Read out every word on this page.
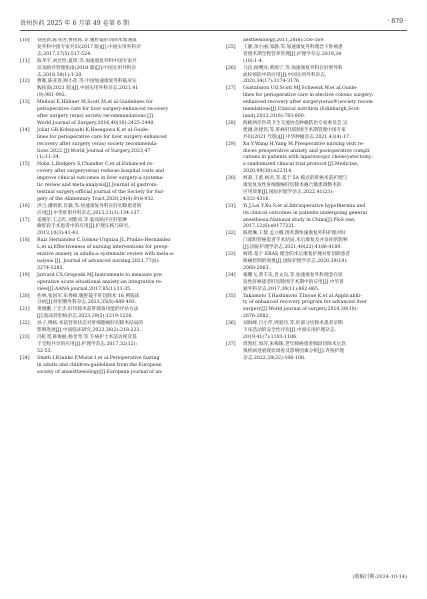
贵州医药 2025 年 6 月第 49 卷第 6 期	· 879 ·
[10] 刘连新,陈亚进,曹铭辉,等.腹腔镜肝切除术加速康
复外科中国专家共识(2017 版)[J].中国实用外科杂
志,2017,37(5):517-524.
[11] 陈孝平,刘允怡,夏锋,等.加速康复外科中国专家共
识及路径管理指南(2018 版)[J].中国实用外科杂
志,2018,38(1):1-20.
[12] 曹晖,陈亚进,顾小萍,等.中国加速康复外科临床实
践指南(2021 版)[J].中国实用外科杂志,2021,41
(9):961-992.
[13] Melloul E,Hübner M,Scott M,et al.Guidelines for
perioperative care for liver surgery:enhanced recovery
after surgery (eras) society recommendations [J].
World Journal of Surgery,2016,40(10):2425-2440.
[14] Joliat GR,Kobayashi K,Hasegawa K,et al.Guide-
lines for perioperative care for liver surgery:enhanced
recovery after surgery (eras) society recommenda-
tions 2022 [J].World Journal of Surgery,2023,47
(1):11-34.
[15] Noba L,Rodgers S,Chandler C,et al.Enhanced re-
covery after surgery(eras) reduces hospital costs and
improve clinical outcomes in liver surgery:a systema-
tic review and meta-analysis[J].Journal of gastroin-
testinal surgery:official journal of the Society for Sur-
gery of the Alimentary Tract,2020,24(4):918-932.
[16] 洪合,潘明新,肖毅,等.快速康复外科在肝切除患者的
应用[J].中华肝胆外科杂志,2015,21(3):134-137.
[17] 姜晓军,王志红,刘胜涛,等.临床路径在肝胆肿
瘤肝段手术患者中的应用[J].护理实践与研究,
2013,10(3):41-43.
[18] Ruiz Hernández C,Gómez-Urquiza JL,Pradas-Hernández
L,et al.Effectiveness of nursing interventions for preop-
erative anxiety in adults:a systematic review with meta-a-
nalysis [J]. Journal of advanced nursing,2021,77(8):
3274-3285.
[19] Jarvard CS,Gregoski MJ.Instruments to measure pre-
operative acute situational anxiety:an integrative re-
view[J].AANA journal,2017,85(1):31-35.
[20] 佐林,张国军,乐秀峰.腹腔镜手肝切除术 16 例临床
分析[J].肝胆胰外科杂志,2023,35(8):489-493.
[21] 黄俊鹏,丁宏杰.肝切除术前肝储备功能的评估方法
[J].临床肝胆病杂志,2023,39(5):1219-1226.
[22] 孙子,傅杨.术前营养状态对肝细胞癌肝切除术结局的
影响进展[J].中国临床研究,2023,36(2):218-222.
[23] 冯虹茂,韩俊丽,杨金琴,等.专病护士术前访视及基
于全程共享的应用[J].护理学杂志,2017,32(12):
52-53.
[24] Smith I,Kranke P,Murat I,et al.Perioperative fasting
in adults and children:guidelines from the European
society of anaesthesiology[J].European journal of an-
aesthesiology,2011,28(8):556-569.
[25] 王静,余小丽,邹静,等.加速康复外科理念下肝癌患
者围术期全程营养管理[J].护理学杂志,2019,34
(10):1-4.
[26] 马洁,杨缨泽,黄海宁,等.加速康复外科在肝胆外科
血栓预防中的应用[J].中国实用外科杂志,
2020,34(17):3174-3176.
[27] Gustafsson UO,Scott MJ,Schwenk W,et al.Guide-
lines for perioperative care in elective colonic surgery:
enhanced recovery after surgery(eras®)society recom-
mendations[J].Clinical nutrition (Edinburgh,Scot-
land),2012,31(6):783-800.
[28] 海峡两岸医药卫生交流协会肿瘤防治专家委员会,吴
建雄,孙建伟,等.肝癌肝切除围手术期管理中国专家
共识(2021 年版)[J].中华肿瘤杂志,2021,43(4):17.
[29] Xu Y,Wang H,Yang M.Preoperative nursing visit re-
duces preoperative anxiety and postoperative compli-
cations in patients with laparoscopic cholecystectomy:
a randomized clinical trial protocol [J].Medicine,
2020,99(38):e22314.
[30] 柯莉,王蕾,杨君,等.基于 5A 模式的肝癌术前护理与
康复复发性肝细胞癌肝切除术耐合微患调整术的
应用效果[J].国际护理学杂志,2022,41(23):
4332-4316.
[31] Yi J,Lei Y,Xu S,et al.Intraoperative hypothermia and
its clinical outcomes in patients undergoing general
anesthesia:National study in China[J].PloS one,
2017,12(6):e0177221.
[32] 陈智琳,王黎,孟立娜.围术期快速康复外科护理对肝
门部胆管癌患者手术结局,术后康复及并发症的影响
[J].国际护理学杂志,2021,40(22):4186-4189.
[33] 柯琦.基于 ERAS 理念的术后康复护理对肝切除患者
疼痛控制的效果[J].国际护理学杂志,2020,39(18):
2060-2063.
[34] 雍鹏飞,黄丰乐,肖文良,等.加速康复外科理念在原
发性肝癌患者肝切除围手术期中的应用[J].中华普
通外科杂志,2017,30(11):862-865.
[35] Takamoto T,Hashimoto T,Inoue K,et al.Applicabili-
ty of enhanced recovery program for advanced liver
surgery[J].World journal of surgery,2014,38(10):
2676-2682.
[36] 刘海峰,吕小芹,周爱玲,等.肝部分切除术患者早期
下床活动的安全性评价[J].中国实用护理杂志,
2019,41(7):1103-1106.
[37] 周凯红,周萍,朱梅珠.老年肺癌患者肺段切除术后恐
惧疾病进展现状调查及影响因素分析[J].齐鲁护理
杂志,2022,28(22):106-108.
(收稿日期:2024-10-14)
